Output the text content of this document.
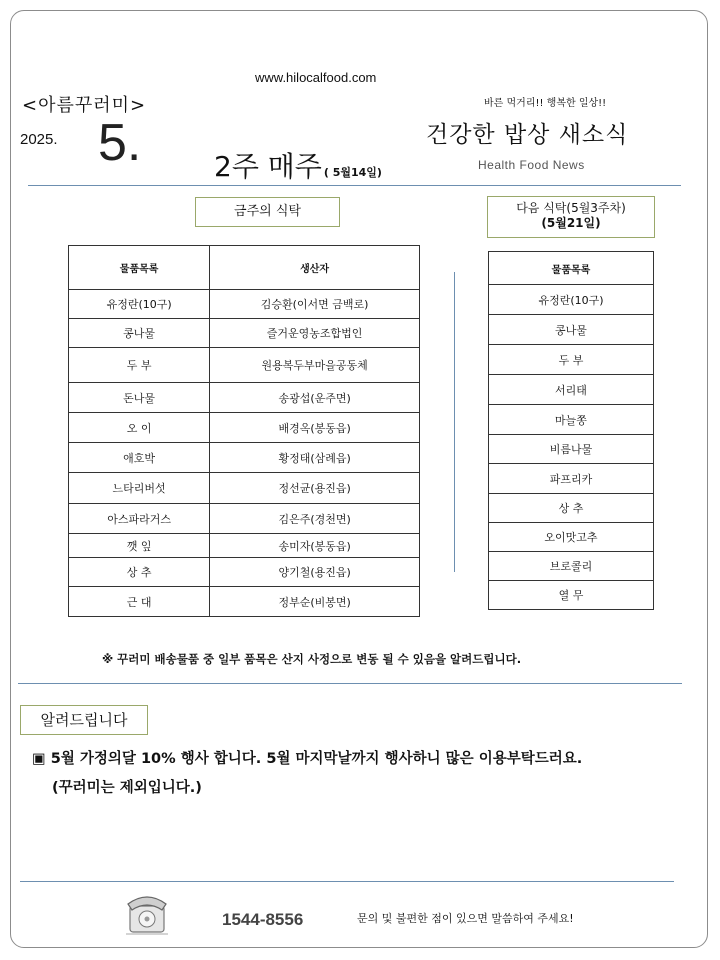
www.hilocalfood.com
<아름꾸러미>
2025. 5.	2주 매주 ( 5월14일)
바른 먹거리!! 행복한 일상!!
건강한 밥상 새소식
Health Food News
금주의 식탁	다음 식탁(5월3주차)
(5월21일)
물품목록	생산자
유정란(10구)	김승환(이서면 금백로)
콩나물	즐거운영농조합법인
두 부	원용복두부마을공동체
돈나물	송광섭(운주면)
오 이	배경옥(봉동읍)
애호박	황정태(삼례읍)
느타리버섯	정선균(용진읍)
아스파라거스	김은주(경천면)
깻 잎	송미자(봉동읍)
상 추	양기철(용진읍)
근 대	정부순(비봉면)
물품목록
유정란(10구)
콩나물
두 부
서리태
마늘쫑
비름나물
파프리카
상 추
오이맛고추
브로콜리
열 무
※ 꾸러미 배송물품 중 일부 품목은 산지 사정으로 변동 될 수 있음을 알려드립니다.
알려드립니다
▣ 5월 가정의달 10% 행사 합니다. 5월 마지막날까지 행사하니 많은 이용부탁드러요.
(꾸러미는 제외입니다.)
1544-8556	문의 및 불편한 점이 있으면 말씀하여 주세요!
